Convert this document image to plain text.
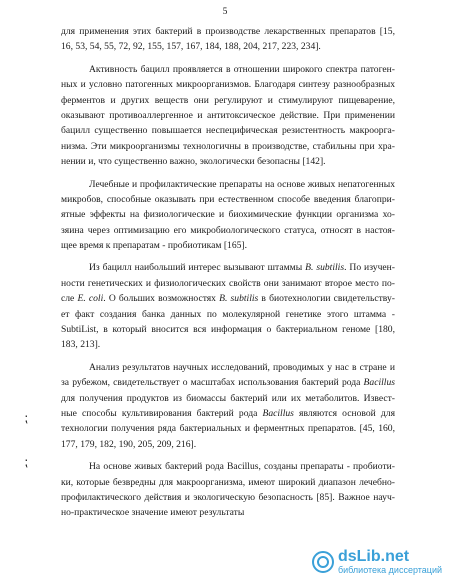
5

для применения этих бактерий в производстве лекарственных препаратов [15,
16, 53, 54, 55, 72, 92, 155, 157, 167, 184, 188, 204, 217, 223, 234].

Активность бацилл проявляется в отношении широкого спектра патоген-
ных и условно патогенных микроорганизмов. Благодаря синтезу разнообразных
ферментов и других веществ они регулируют и стимулируют пищеварение,
оказывают противоаллергенное и антитоксическое действие. При применении
бацилл существенно повышается неспецифическая резистентность макроорга-
низма. Эти микроорганизмы технологичны в производстве, стабильны при хра-
нении и, что существенно важно, экологически безопасны [142].

Лечебные и профилактические препараты на основе живых непатогенных
микробов, способные оказывать при естественном способе введения благопри-
ятные эффекты на физиологические и биохимические функции организма хо-
зяина через оптимизацию его микробиологического статуса, относят в настоя-
щее время к препаратам - пробиотикам [165].

Из бацилл наибольший интерес вызывают штаммы B. subtilis. По изучен-
ности генетических и физиологических свойств они занимают второе место по-
сле E. coli. О больших возможностях B. subtilis в биотехнологии свидетельству-
ет факт создания банка данных по молекулярной генетике этого штамма -
SubtiList, в который вносится вся информация о бактериальном геноме [180,
183, 213].

Анализ результатов научных исследований, проводимых у нас в стране и
за рубежом, свидетельствует о масштабах использования бактерий рода Bacillus
для получения продуктов из биомассы бактерий или их метаболитов. Извест-
ные способы культивирования бактерий рода Bacillus являются основой для
технологии получения ряда бактериальных и ферментных препаратов. [45, 160,
177, 179, 182, 190, 205, 209, 216].

На основе живых бактерий рода Bacillus, созданы препараты - пробиоти-
ки, которые безвредны для макроорганизма, имеют широкий диапазон лечебно-
профилактического действия и экологическую безопасность [85]. Важное науч-
но-практическое значение имеют результаты

⁏
⁏
dsLib.net
библиотека диссертаций
